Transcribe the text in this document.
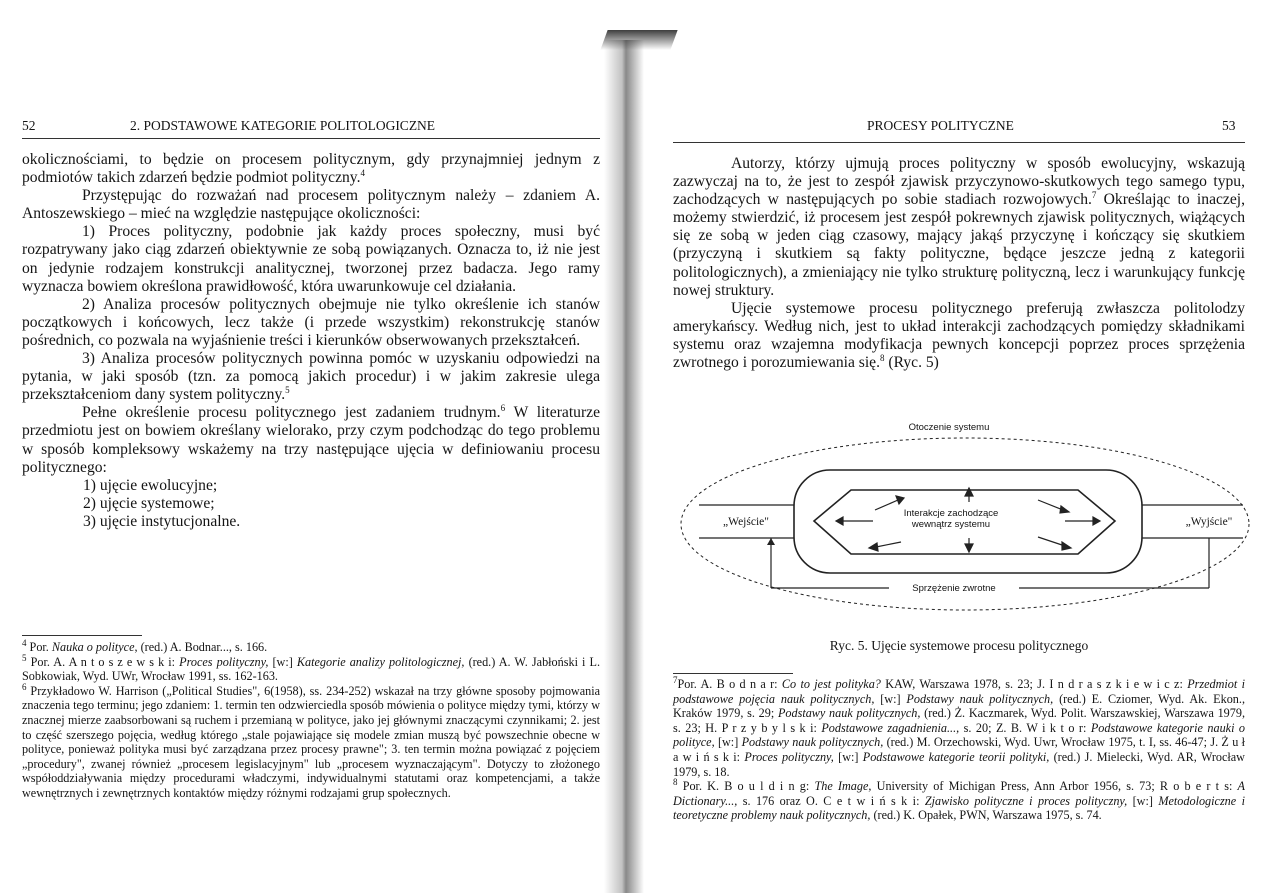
52	2. PODSTAWOWE KATEGORIE POLITOLOGICZNE

okolicznościami, to będzie on procesem politycznym, gdy przynajmniej jednym z podmiotów takich zdarzeń będzie podmiot polityczny.$^4$

Przystępując do rozważań nad procesem politycznym należy – zdaniem A. Antoszewskiego – mieć na względzie następujące okoliczności:

1) Proces polityczny, podobnie jak każdy proces społeczny, musi być rozpatrywany jako ciąg zdarzeń obiektywnie ze sobą powiązanych. Oznacza to, iż nie jest on jedynie rodzajem konstrukcji analitycznej, tworzonej przez badacza. Jego ramy wyznacza bowiem określona prawidłowość, która uwarunkowuje cel działania.

2) Analiza procesów politycznych obejmuje nie tylko określenie ich stanów początkowych i końcowych, lecz także (i przede wszystkim) rekonstrukcję stanów pośrednich, co pozwala na wyjaśnienie treści i kierunków obserwowanych przekształceń.

3) Analiza procesów politycznych powinna pomóc w uzyskaniu odpowiedzi na pytania, w jaki sposób (tzn. za pomocą jakich procedur) i w jakim zakresie ulega przekształceniom dany system polityczny.$^5$

Pełne określenie procesu politycznego jest zadaniem trudnym.$^6$ W literaturze przedmiotu jest on bowiem określany wielorako, przy czym podchodząc do tego problemu w sposób kompleksowy wskażemy na trzy następujące ujęcia w definiowaniu procesu politycznego:

1) ujęcie ewolucyjne;

2) ujęcie systemowe;

3) ujęcie instytucjonalne.

$^4$ Por. Nauka o polityce, (red.) A. Bodnar..., s. 166.

$^5$ Por. A. A n t o s z e w s k i: Proces polityczny, [w:] Kategorie analizy politologicznej, (red.) A. W. Jabłoński i L. Sobkowiak, Wyd. UWr, Wrocław 1991, ss. 162-163.

$^6$ Przykładowo W. Harrison („Political Studies", 6(1958), ss. 234-252) wskazał na trzy główne sposoby pojmowania znaczenia tego terminu; jego zdaniem: 1. termin ten odzwierciedla sposób mówienia o polityce między tymi, którzy w znacznej mierze zaabsorbowani są ruchem i przemianą w polityce, jako jej głównymi znaczącymi czynnikami; 2. jest to część szerszego pojęcia, według którego „stale pojawiające się modele zmian muszą być powszechnie obecne w polityce, ponieważ polityka musi być zarządzana przez procesy prawne"; 3. ten termin można powiązać z pojęciem „procedury", zwanej również „procesem legislacyjnym" lub „procesem wyznaczającym". Dotyczy to złożonego współoddziaływania między procedurami władczymi, indywidualnymi statutami oraz kompetencjami, a także wewnętrznych i zewnętrznych kontaktów między różnymi rodzajami grup społecznych.

PROCESY POLITYCZNE	53

Autorzy, którzy ujmują proces polityczny w sposób ewolucyjny, wskazują zazwyczaj na to, że jest to zespół zjawisk przyczynowo-skutkowych tego samego typu, zachodzących w następujących po sobie stadiach rozwojowych.$^7$ Określając to inaczej, możemy stwierdzić, iż procesem jest zespół pokrewnych zjawisk politycznych, wiążących się ze sobą w jeden ciąg czasowy, mający jakąś przyczynę i kończący się skutkiem (przyczyną i skutkiem są fakty polityczne, będące jeszcze jedną z kategorii politologicznych), a zmieniający nie tylko strukturę polityczną, lecz i warunkujący funkcję nowej struktury.

Ujęcie systemowe procesu politycznego preferują zwłaszcza politolodzy amerykańscy. Według nich, jest to układ interakcji zachodzących pomiędzy składnikami systemu oraz wzajemna modyfikacja pewnych koncepcji poprzez proces sprzężenia zwrotnego i porozumiewania się.$^8$ (Ryc. 5)

Otoczenie systemu
„Wejście"	„Wyjście"
Interakcje zachodzące
wewnątrz systemu
Sprzężenie zwrotne
Ryc. 5. Ujęcie systemowe procesu politycznego

$^7$Por. A. B o d n a r: Co to jest polityka? KAW, Warszawa 1978, s. 23; J. I n d r a s z k i e w i c z: Przedmiot i podstawowe pojęcia nauk politycznych, [w:] Podstawy nauk politycznych, (red.) E. Cziomer, Wyd. Ak. Ekon., Kraków 1979, s. 29; Podstawy nauk politycznych, (red.) Ż. Kaczmarek, Wyd. Polit. Warszawskiej, Warszawa 1979, s. 23; H. P r z y b y l s k i: Podstawowe zagadnienia..., s. 20; Z. B. W i k t o r: Podstawowe kategorie nauki o polityce, [w:] Podstawy nauk politycznych, (red.) M. Orzechowski, Wyd. Uwr, Wrocław 1975, t. I, ss. 46-47; J. Ż u ł a w i ń s k i: Proces polityczny, [w:] Podstawowe kategorie teorii polityki, (red.) J. Mielecki, Wyd. AR, Wrocław 1979, s. 18.

$^8$ Por. K. B o u l d i n g: The Image, University of Michigan Press, Ann Arbor 1956, s. 73; R o b e r t s: A Dictionary..., s. 176 oraz O. C e t w i ń s k i: Zjawisko polityczne i proces polityczny, [w:] Metodologiczne i teoretyczne problemy nauk politycznych, (red.) K. Opałek, PWN, Warszawa 1975, s. 74.
